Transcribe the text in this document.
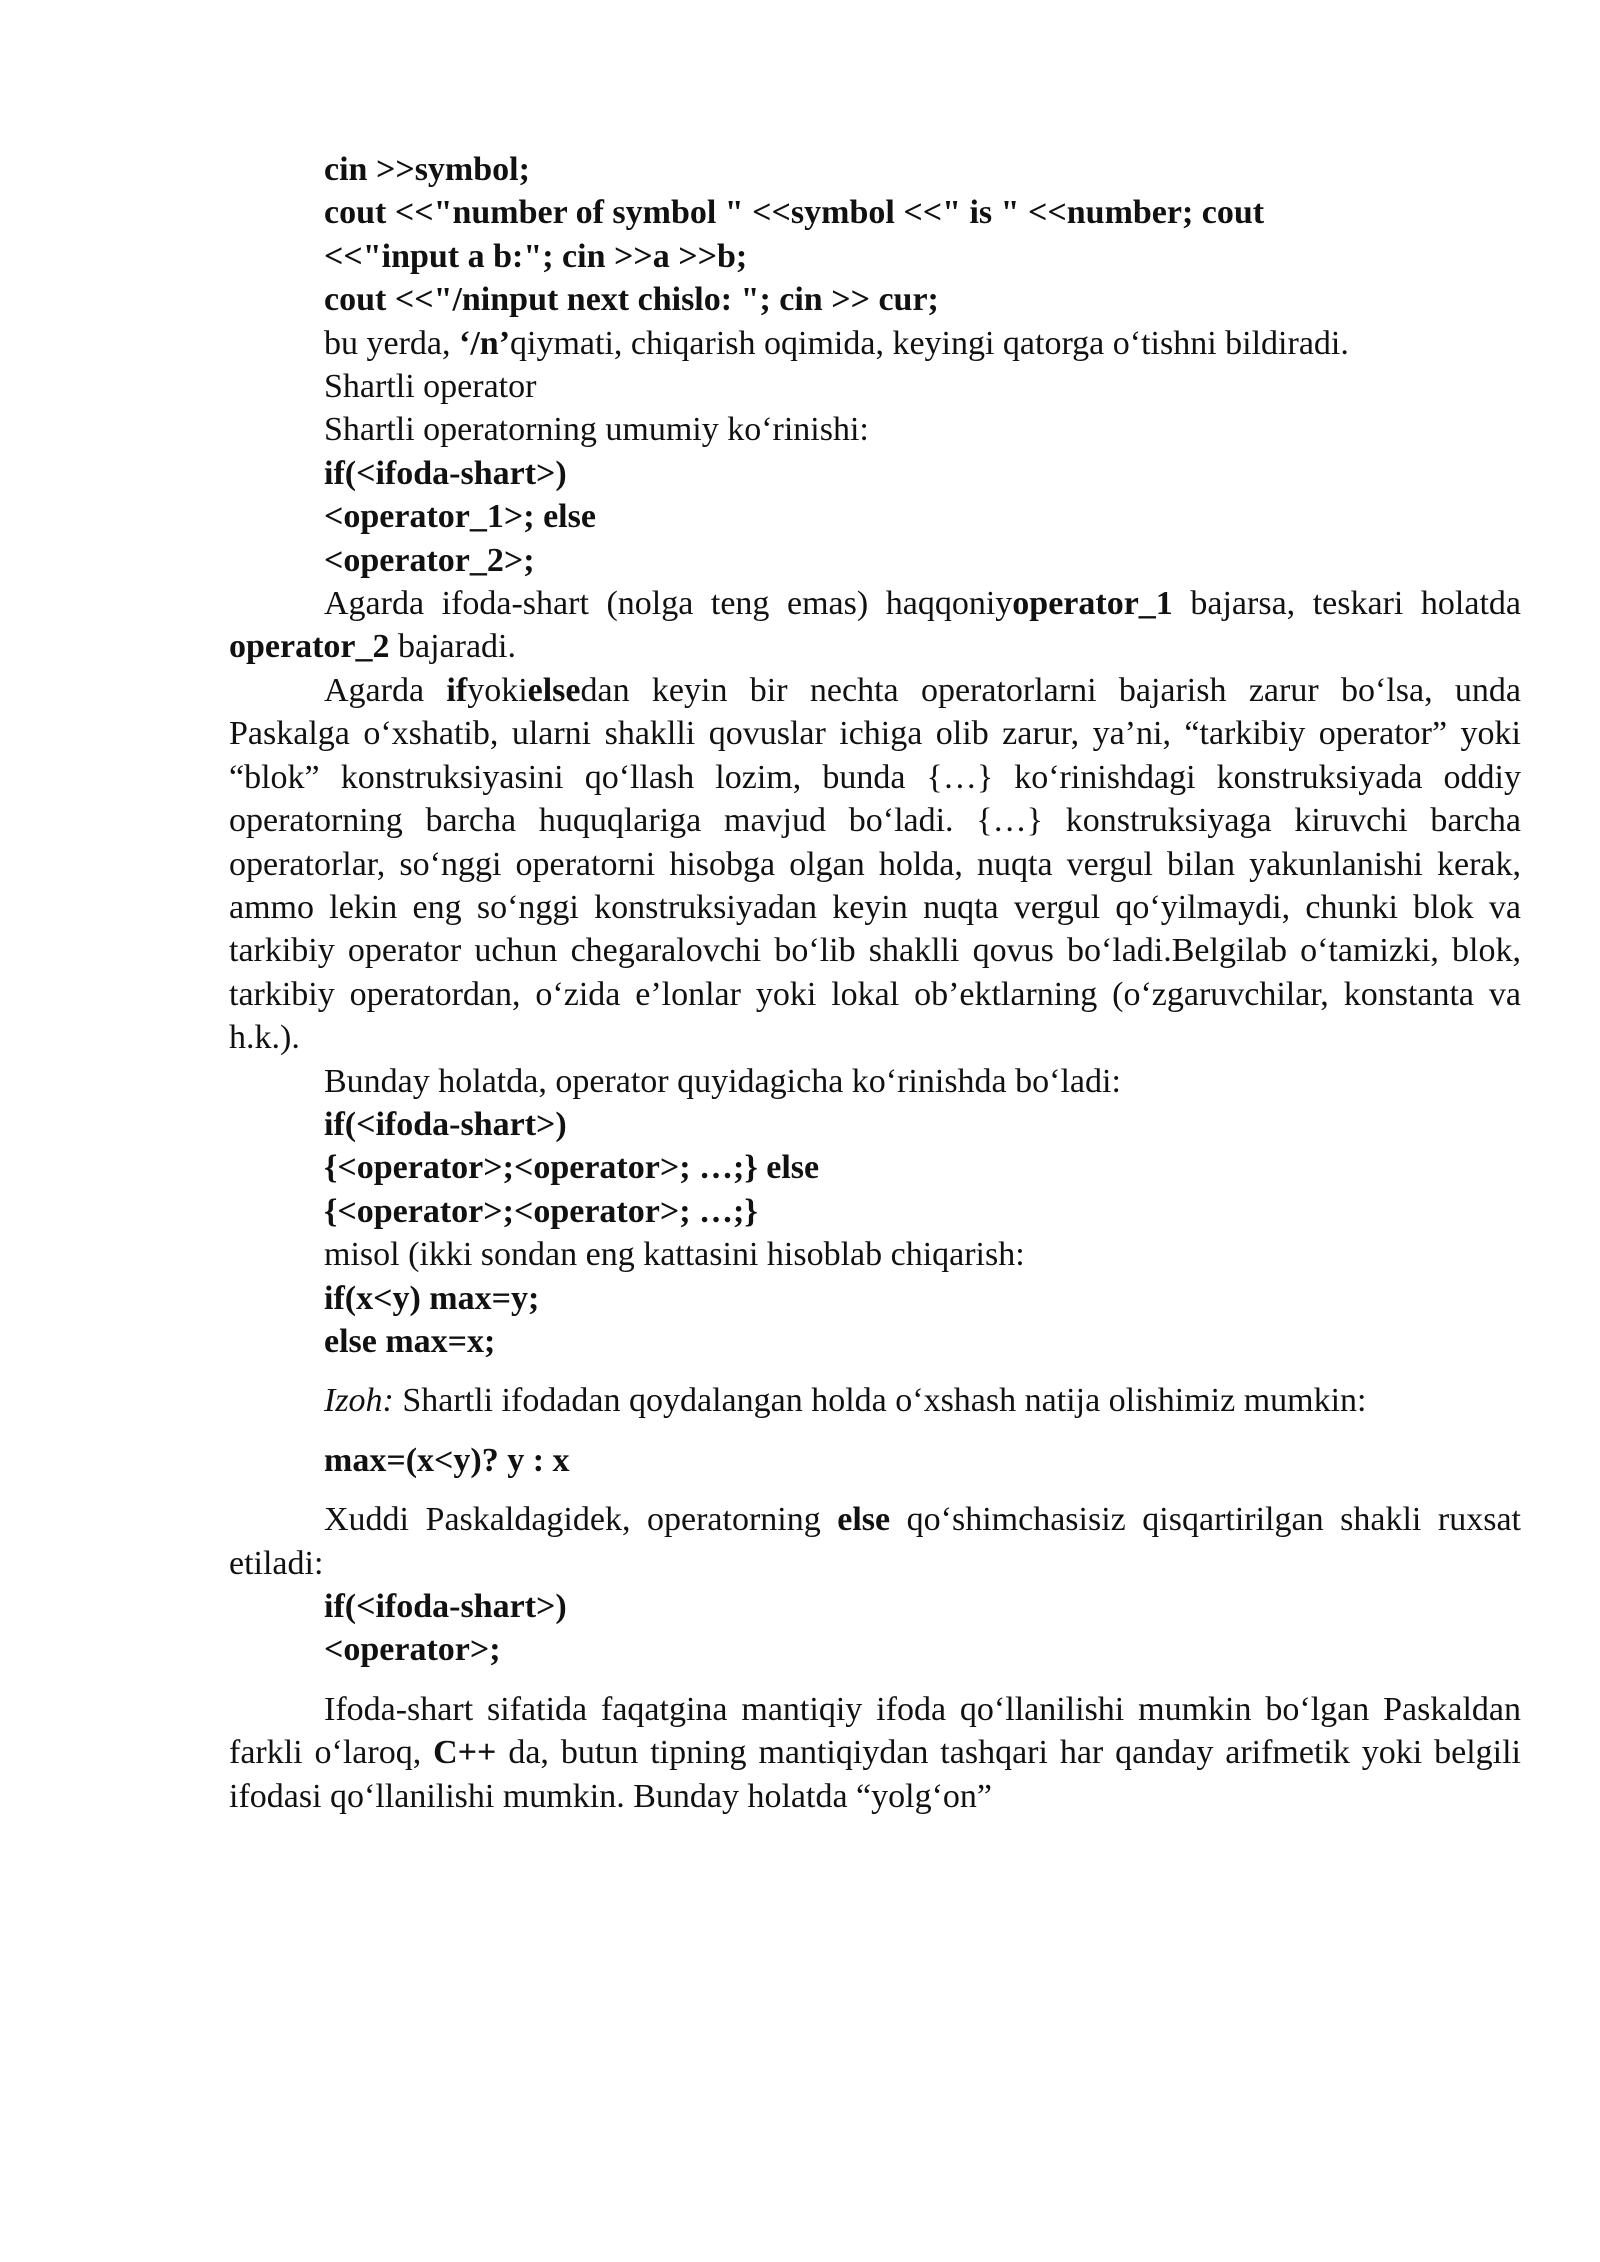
cin >>symbol;
cout <<"number of symbol " <<symbol <<" is " <<number; cout
<<"input a b:"; cin >>a >>b;
cout <<"/ninput next chislo: "; cin >> cur;
bu yerda, ‘/n’qiymati, chiqarish oqimida, keyingi qatorga o‘tishni bildiradi.
Shartli operator
Shartli operatorning umumiy ko‘rinishi:
if(<ifoda-shart>)
<operator_1>; else
<operator_2>;
Agarda ifoda-shart (nolga teng emas) haqqoniyoperator_1 bajarsa, teskari holatda operator_2 bajaradi.
Agarda ifyokielsedan keyin bir nechta operatorlarni bajarish zarur bo‘lsa, unda Paskalga o‘xshatib, ularni shaklli qovuslar ichiga olib zarur, ya’ni, “tarkibiy operator” yoki “blok” konstruksiyasini qo‘llash lozim, bunda {…} ko‘rinishdagi konstruksiyada oddiy operatorning barcha huquqlariga mavjud bo‘ladi. {…} konstruksiyaga kiruvchi barcha operatorlar, so‘nggi operatorni hisobga olgan holda, nuqta vergul bilan yakunlanishi kerak, ammo lekin eng so‘nggi konstruksiyadan keyin nuqta vergul qo‘yilmaydi, chunki blok va tarkibiy operator uchun chegaralovchi bo‘lib shaklli qovus bo‘ladi.Belgilab o‘tamizki, blok, tarkibiy operatordan, o‘zida e’lonlar yoki lokal ob’ektlarning (o‘zgaruvchilar, konstanta va h.k.).
Bunday holatda, operator quyidagicha ko‘rinishda bo‘ladi:
if(<ifoda-shart>)
{<operator>;<operator>; …;} else
{<operator>;<operator>; …;}
misol (ikki sondan eng kattasini hisoblab chiqarish:
if(x<y) max=y;
else max=x;
Izoh: Shartli ifodadan qoydalangan holda o‘xshash natija olishimiz mumkin:
max=(x<y)? y : x
Xuddi Paskaldagidek, operatorning else qo‘shimchasisiz qisqartirilgan shakli ruxsat etiladi:
if(<ifoda-shart>)
<operator>;
Ifoda-shart sifatida faqatgina mantiqiy ifoda qo‘llanilishi mumkin bo‘lgan Paskaldan farkli o‘laroq, C++ da, butun tipning mantiqiydan tashqari har qanday arifmetik yoki belgili ifodasi qo‘llanilishi mumkin. Bunday holatda “yolg‘on”
